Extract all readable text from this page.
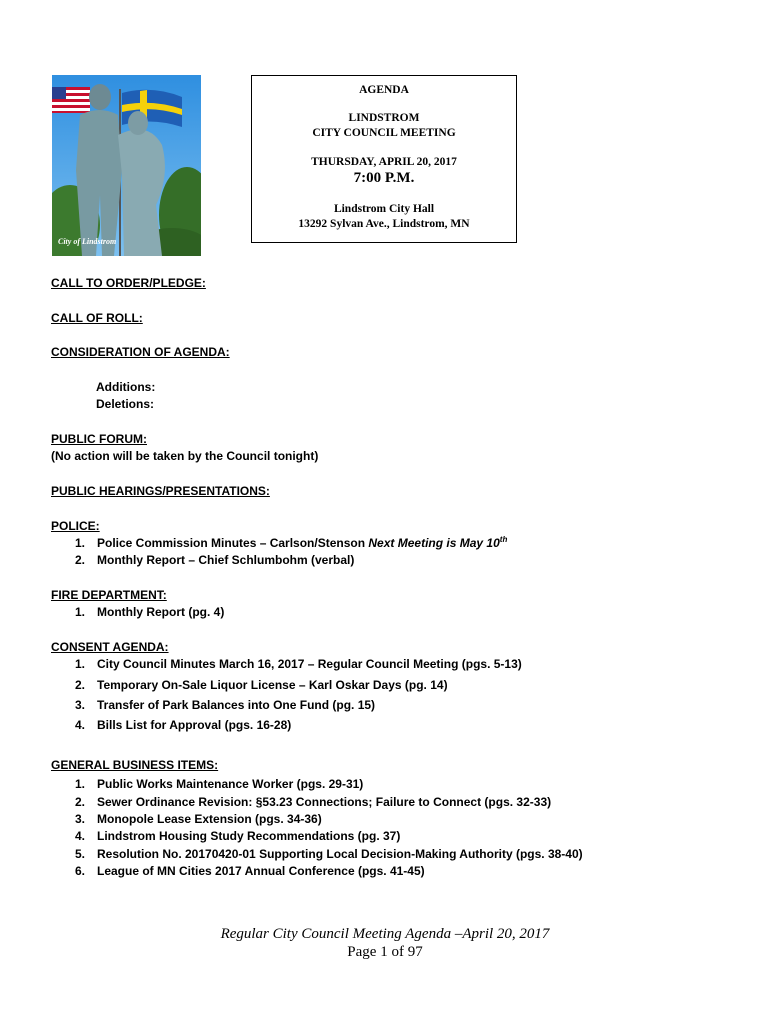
City of Lindstrom
AGENDA
LINDSTROM
CITY COUNCIL MEETING
THURSDAY, APRIL 20, 2017
7:00 P.M.
Lindstrom City Hall
13292 Sylvan Ave., Lindstrom, MN
CALL TO ORDER/PLEDGE:
CALL OF ROLL:
CONSIDERATION OF AGENDA:
Additions:
Deletions:
PUBLIC FORUM:
(No action will be taken by the Council tonight)
PUBLIC HEARINGS/PRESENTATIONS:
POLICE:
1. Police Commission Minutes – Carlson/Stenson Next Meeting is May 10th
2. Monthly Report – Chief Schlumbohm (verbal)
FIRE DEPARTMENT:
1. Monthly Report (pg. 4)
CONSENT AGENDA:
1. City Council Minutes March 16, 2017 – Regular Council Meeting (pgs. 5-13)
2. Temporary On-Sale Liquor License – Karl Oskar Days (pg. 14)
3. Transfer of Park Balances into One Fund (pg. 15)
4. Bills List for Approval (pgs. 16-28)
GENERAL BUSINESS ITEMS:
1. Public Works Maintenance Worker (pgs. 29-31)
2. Sewer Ordinance Revision: §53.23 Connections; Failure to Connect (pgs. 32-33)
3. Monopole Lease Extension (pgs. 34-36)
4. Lindstrom Housing Study Recommendations (pg. 37)
5. Resolution No. 20170420-01 Supporting Local Decision-Making Authority (pgs. 38-40)
6. League of MN Cities 2017 Annual Conference (pgs. 41-45)
Regular City Council Meeting Agenda –April 20, 2017
Page 1 of 97
